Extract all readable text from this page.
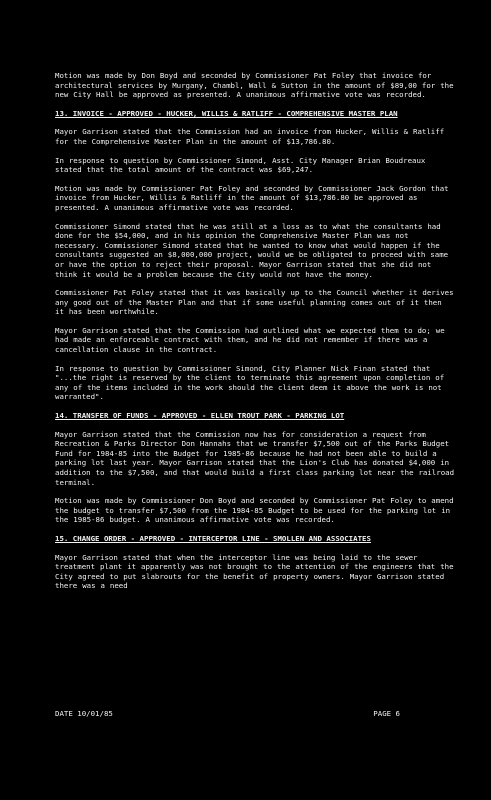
Motion was made by Don Boyd and seconded by Commissioner Pat Foley that invoice for architectural services by Murgany, Chambl, Wall & Sutton in the amount of $89,00 for the new City Hall be approved as presented. A unanimous affirmative vote was recorded.
13. INVOICE - APPROVED - HUCKER, WILLIS & RATLIFF - COMPREHENSIVE MASTER PLAN
Mayor Garrison stated that the Commission had an invoice from Hucker, Willis & Ratliff for the Comprehensive Master Plan in the amount of $13,786.80.
In response to question by Commissioner Simond, Asst. City Manager Brian Boudreaux stated that the total amount of the contract was $69,247.
Motion was made by Commissioner Pat Foley and seconded by Commissioner Jack Gordon that invoice from Hucker, Willis & Ratliff in the amount of $13,786.80 be approved as presented. A unanimous affirmative vote was recorded.
Commissioner Simond stated that he was still at a loss as to what the consultants had done for the $54,000, and in his opinion the Comprehensive Master Plan was not necessary. Commissioner Simond stated that he wanted to know what would happen if the consultants suggested an $8,000,000 project, would we be obligated to proceed with same or have the option to reject their proposal. Mayor Garrison stated that she did not think it would be a problem because the City would not have the money.
Commissioner Pat Foley stated that it was basically up to the Council whether it derives any good out of the Master Plan and that if some useful planning comes out of it then it has been worthwhile.
Mayor Garrison stated that the Commission had outlined what we expected them to do; we had made an enforceable contract with them, and he did not remember if there was a cancellation clause in the contract.
In response to question by Commissioner Simond, City Planner Nick Finan stated that "...the right is reserved by the client to terminate this agreement upon completion of any of the items included in the work should the client deem it above the work is not warranted".
14. TRANSFER OF FUNDS - APPROVED - ELLEN TROUT PARK - PARKING LOT
Mayor Garrison stated that the Commission now has for consideration a request from Recreation & Parks Director Don Hannahs that we transfer $7,500 out of the Parks Budget Fund for 1984-85 into the Budget for 1985-86 because he had not been able to build a parking lot last year. Mayor Garrison stated that the Lion's Club has donated $4,000 in addition to the $7,500, and that would build a first class parking lot near the railroad terminal.
Motion was made by Commissioner Don Boyd and seconded by Commissioner Pat Foley to amend the budget to transfer $7,500 from the 1984-85 Budget to be used for the parking lot in the 1985-86 budget. A unanimous affirmative vote was recorded.
15. CHANGE ORDER - APPROVED - INTERCEPTOR LINE - SMOLLEN AND ASSOCIATES
Mayor Garrison stated that when the interceptor line was being laid to the sewer treatment plant it apparently was not brought to the attention of the engineers that the City agreed to put slabrouts for the benefit of property owners. Mayor Garrison stated there was a need
DATE 10/01/85	PAGE 6
